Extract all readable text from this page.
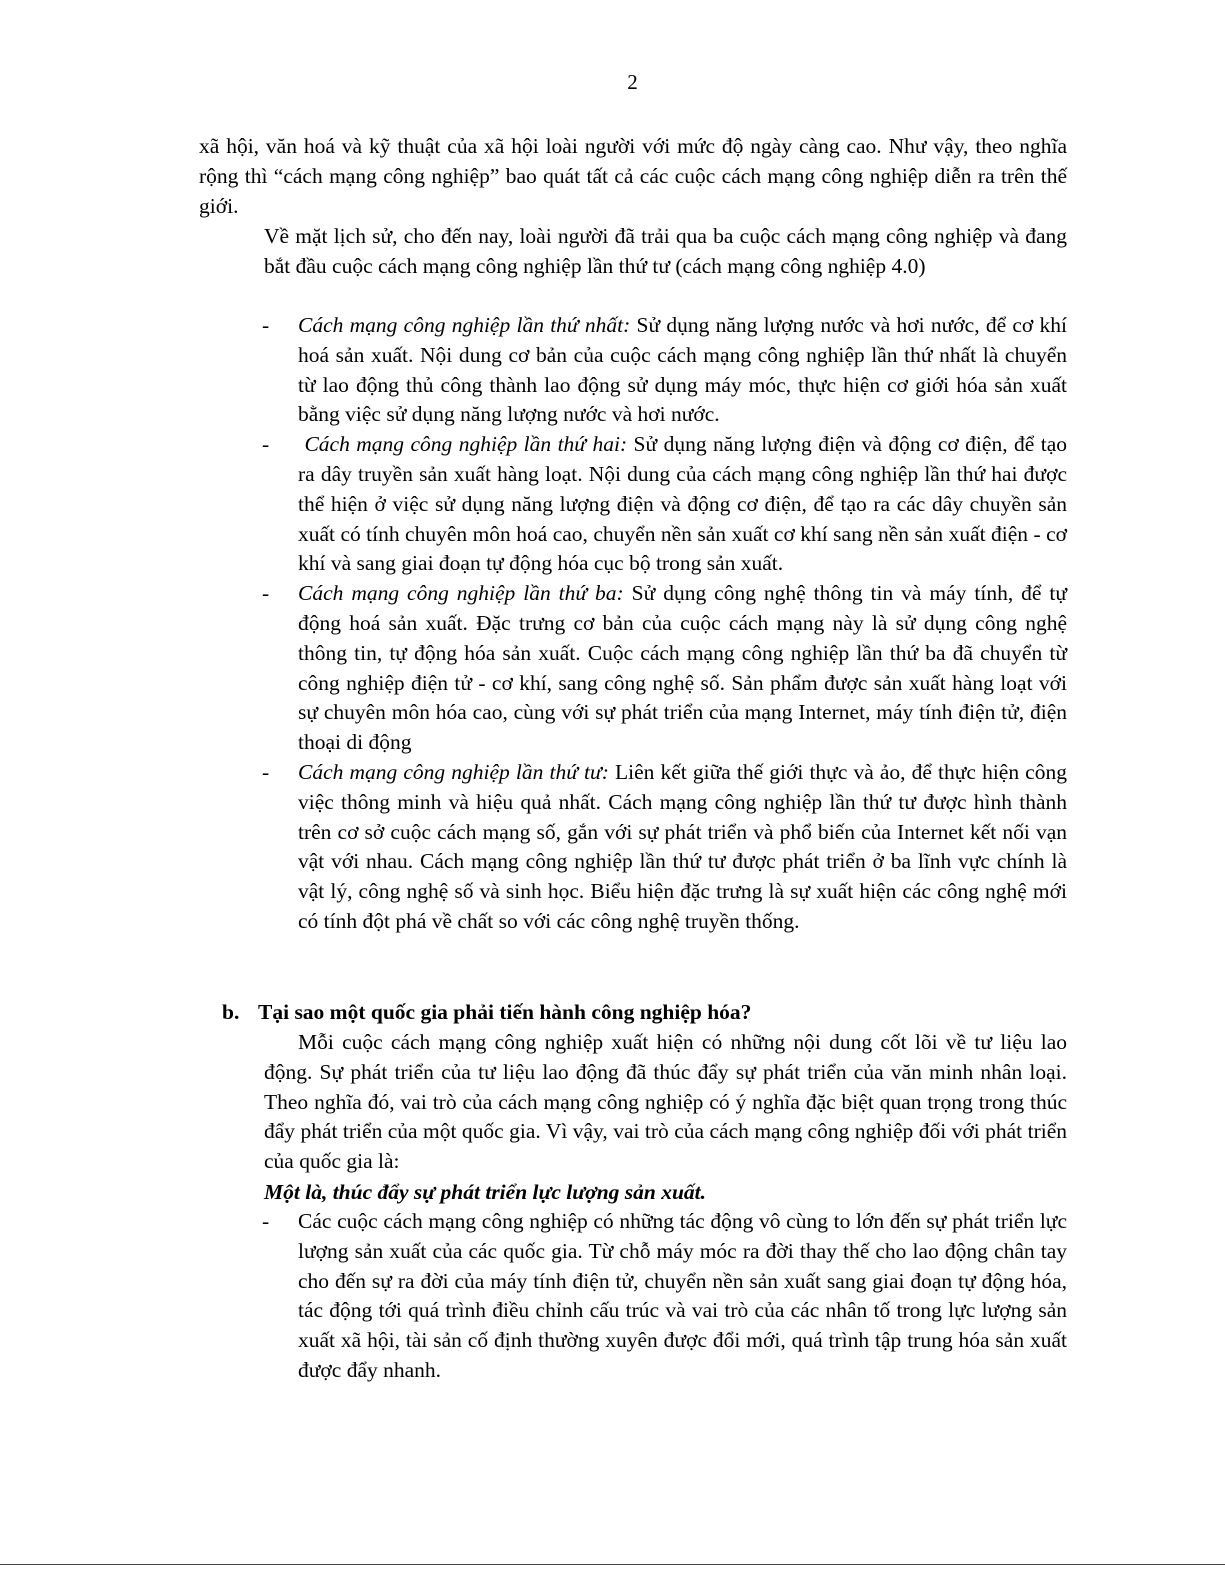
2
xã hội, văn hoá và kỹ thuật của xã hội loài người với mức độ ngày càng cao. Như vậy, theo nghĩa rộng thì “cách mạng công nghiệp” bao quát tất cả các cuộc cách mạng công nghiệp diễn ra trên thế giới.
Về mặt lịch sử, cho đến nay, loài người đã trải qua ba cuộc cách mạng công nghiệp và đang bắt đầu cuộc cách mạng công nghiệp lần thứ tư (cách mạng công nghiệp 4.0)
-	Cách mạng công nghiệp lần thứ nhất: Sử dụng năng lượng nước và hơi nước, để cơ khí hoá sản xuất. Nội dung cơ bản của cuộc cách mạng công nghiệp lần thứ nhất là chuyển từ lao động thủ công thành lao động sử dụng máy móc, thực hiện cơ giới hóa sản xuất bằng việc sử dụng năng lượng nước và hơi nước.
-	Cách mạng công nghiệp lần thứ hai: Sử dụng năng lượng điện và động cơ điện, để tạo ra dây truyền sản xuất hàng loạt. Nội dung của cách mạng công nghiệp lần thứ hai được thể hiện ở việc sử dụng năng lượng điện và động cơ điện, để tạo ra các dây chuyền sản xuất có tính chuyên môn hoá cao, chuyển nền sản xuất cơ khí sang nền sản xuất điện - cơ khí và sang giai đoạn tự động hóa cục bộ trong sản xuất.
-	Cách mạng công nghiệp lần thứ ba: Sử dụng công nghệ thông tin và máy tính, để tự động hoá sản xuất. Đặc trưng cơ bản của cuộc cách mạng này là sử dụng công nghệ thông tin, tự động hóa sản xuất. Cuộc cách mạng công nghiệp lần thứ ba đã chuyển từ công nghiệp điện tử - cơ khí, sang công nghệ số. Sản phẩm được sản xuất hàng loạt với sự chuyên môn hóa cao, cùng với sự phát triển của mạng Internet, máy tính điện tử, điện thoại di động
-	Cách mạng công nghiệp lần thứ tư: Liên kết giữa thế giới thực và ảo, để thực hiện công việc thông minh và hiệu quả nhất. Cách mạng công nghiệp lần thứ tư được hình thành trên cơ sở cuộc cách mạng số, gắn với sự phát triển và phổ biến của Internet kết nối vạn vật với nhau. Cách mạng công nghiệp lần thứ tư được phát triển ở ba lĩnh vực chính là vật lý, công nghệ số và sinh học. Biểu hiện đặc trưng là sự xuất hiện các công nghệ mới có tính đột phá về chất so với các công nghệ truyền thống.
b. Tại sao một quốc gia phải tiến hành công nghiệp hóa?
Mỗi cuộc cách mạng công nghiệp xuất hiện có những nội dung cốt lõi về tư liệu lao động. Sự phát triển của tư liệu lao động đã thúc đẩy sự phát triển của văn minh nhân loại. Theo nghĩa đó, vai trò của cách mạng công nghiệp có ý nghĩa đặc biệt quan trọng trong thúc đẩy phát triển của một quốc gia. Vì vậy, vai trò của cách mạng công nghiệp đối với phát triển của quốc gia là:
Một là, thúc đẩy sự phát triển lực lượng sản xuất.
-	Các cuộc cách mạng công nghiệp có những tác động vô cùng to lớn đến sự phát triển lực lượng sản xuất của các quốc gia. Từ chỗ máy móc ra đời thay thế cho lao động chân tay cho đến sự ra đời của máy tính điện tử, chuyển nền sản xuất sang giai đoạn tự động hóa, tác động tới quá trình điều chỉnh cấu trúc và vai trò của các nhân tố trong lực lượng sản xuất xã hội, tài sản cố định thường xuyên được đổi mới, quá trình tập trung hóa sản xuất được đẩy nhanh.
